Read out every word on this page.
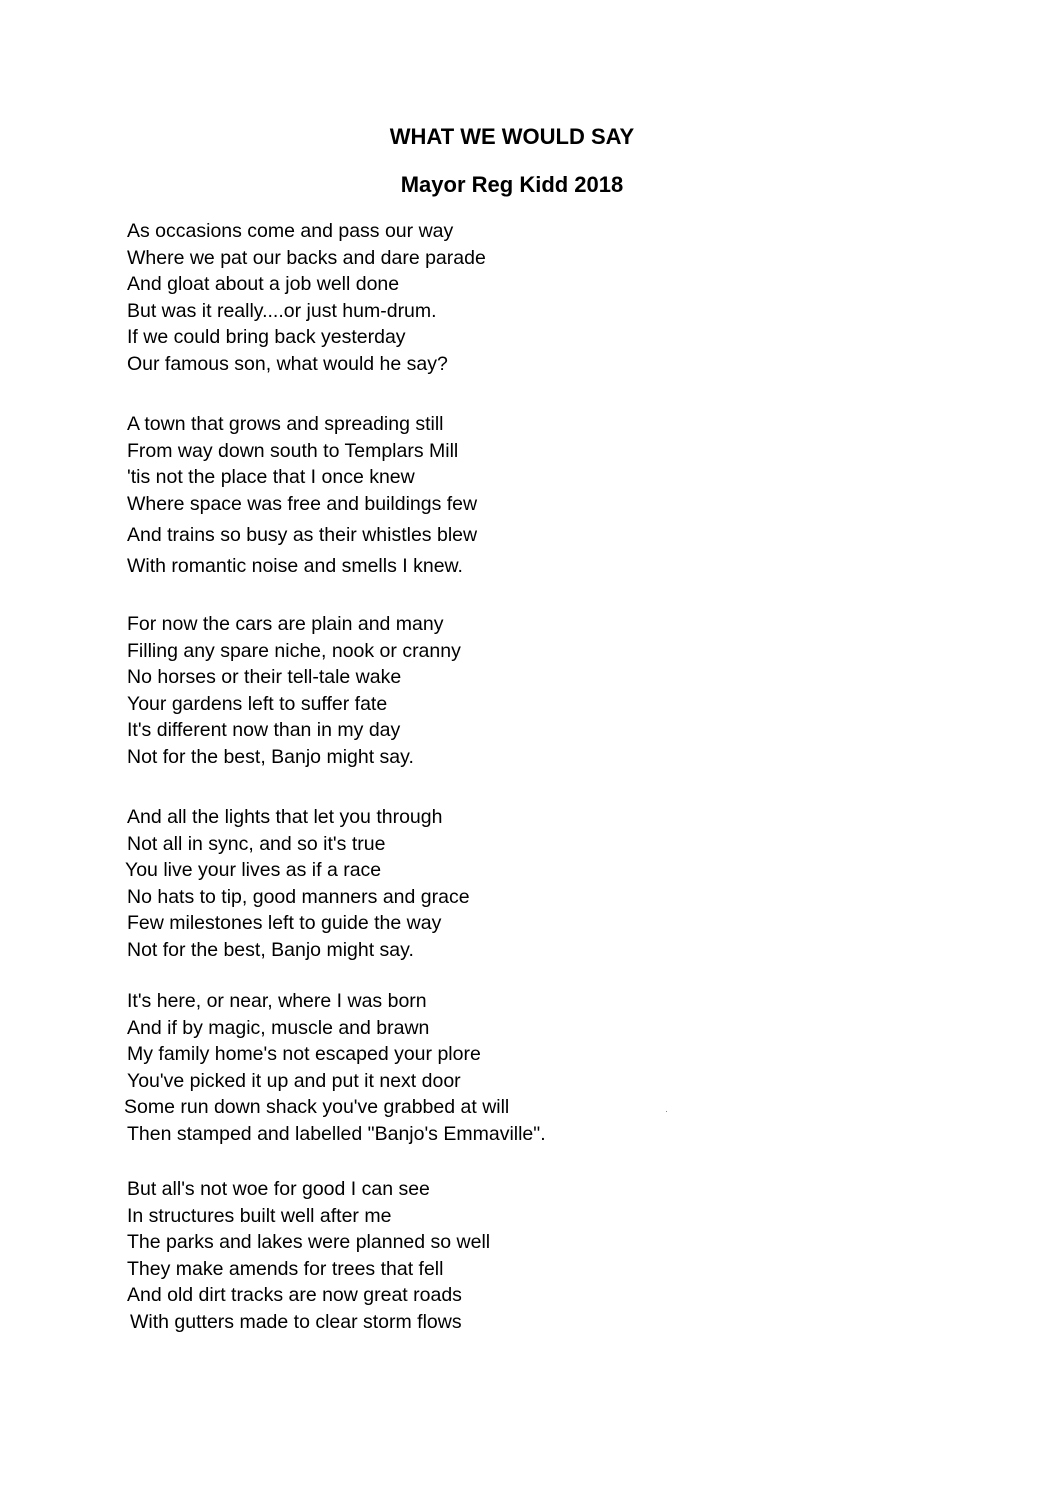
WHAT WE WOULD SAY
Mayor Reg Kidd 2018
As occasions come and pass our way
Where we pat our backs and dare parade
And gloat about a job well done
But was it really....or just hum-drum.
If we could bring back yesterday
Our famous son, what would he say?
A town that grows and spreading still
From way down south to Templars Mill
'tis not the place that I once knew
Where space was free and buildings few
And trains so busy as their whistles blew
With romantic noise and smells I knew.
For now the cars are plain and many
Filling any spare niche, nook or cranny
No horses or their tell-tale wake
Your gardens left to suffer fate
It's different now than in my day
Not for the best, Banjo might say.
And all the lights that let you through
Not all in sync, and so it's true
You live your lives as if a race
No hats to tip, good manners and grace
Few milestones left to guide the way
Not for the best, Banjo might say.
It's here, or near, where I was born
And if by magic, muscle and brawn
My family home's not escaped your plore
You've picked it up and put it next door
Some run down shack you've grabbed at will
Then stamped and labelled "Banjo's Emmaville".
But all's not woe for good I can see
In structures built well after me
The parks and lakes were planned so well
They make amends for trees that fell
And old dirt tracks are now great roads
With gutters made to clear storm flows
